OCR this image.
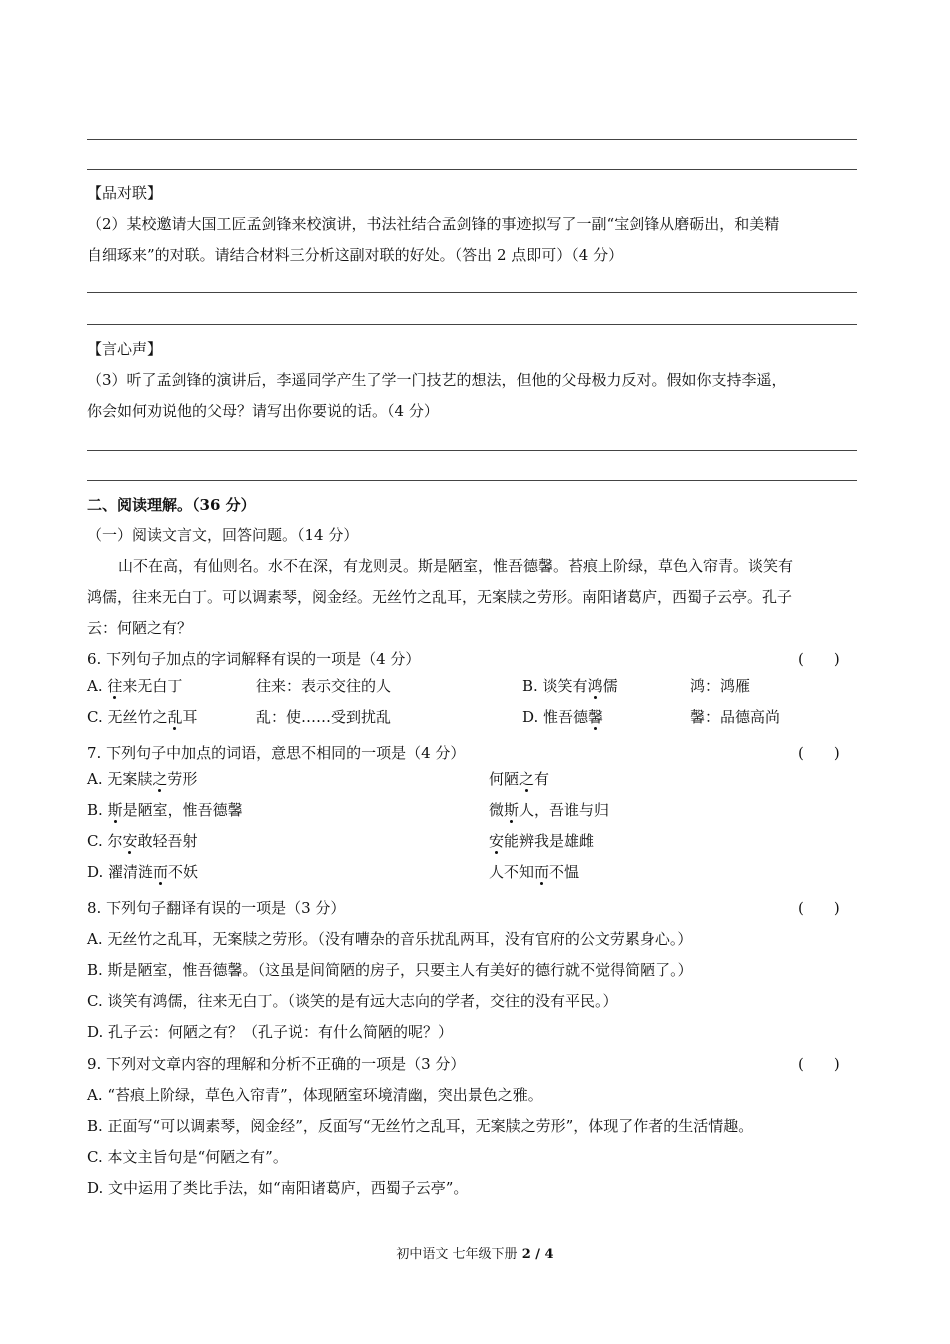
【品对联】
（2）某校邀请大国工匠孟剑锋来校演讲，书法社结合孟剑锋的事迹拟写了一副“宝剑锋从磨砺出，和美精
自细琢来”的对联。请结合材料三分析这副对联的好处。（答出 2 点即可）（4 分）
【言心声】
（3）听了孟剑锋的演讲后，李遥同学产生了学一门技艺的想法，但他的父母极力反对。假如你支持李遥，
你会如何劝说他的父母？请写出你要说的话。（4 分）
二、阅读理解。（36 分）
（一）阅读文言文，回答问题。（14 分）
山不在高，有仙则名。水不在深，有龙则灵。斯是陋室，惟吾德馨。苔痕上阶绿，草色入帘青。谈笑有
鸿儒，往来无白丁。可以调素琴，阅金经。无丝竹之乱耳，无案牍之劳形。南阳诸葛庐，西蜀子云亭。孔子
云：何陋之有？
6. 下列句子加点的字词解释有误的一项是（4 分）	(　　)
A. 往来无白丁	往来：表示交往的人	B. 谈笑有鸿儒	鸿：鸿雁
C. 无丝竹之乱耳	乱：使……受到扰乱	D. 惟吾德馨	馨：品德高尚
7. 下列句子中加点的词语，意思不相同的一项是（4 分）	(　　)
A. 无案牍之劳形	何陋之有
B. 斯是陋室，惟吾德馨	微斯人，吾谁与归
C. 尔安敢轻吾射	安能辨我是雄雌
D. 濯清涟而不妖	人不知而不愠
8. 下列句子翻译有误的一项是（3 分）	(　　)
A. 无丝竹之乱耳，无案牍之劳形。（没有嘈杂的音乐扰乱两耳，没有官府的公文劳累身心。）
B. 斯是陋室，惟吾德馨。（这虽是间简陋的房子，只要主人有美好的德行就不觉得简陋了。）
C. 谈笑有鸿儒，往来无白丁。（谈笑的是有远大志向的学者，交往的没有平民。）
D. 孔子云：何陋之有？（孔子说：有什么简陋的呢？）
9. 下列对文章内容的理解和分析不正确的一项是（3 分）	(　　)
A. “苔痕上阶绿，草色入帘青”，体现陋室环境清幽，突出景色之雅。
B. 正面写“可以调素琴，阅金经”，反面写“无丝竹之乱耳，无案牍之劳形”，体现了作者的生活情趣。
C. 本文主旨句是“何陋之有”。
D. 文中运用了类比手法，如“南阳诸葛庐，西蜀子云亭”。
初中语文 七年级下册 2 / 4
